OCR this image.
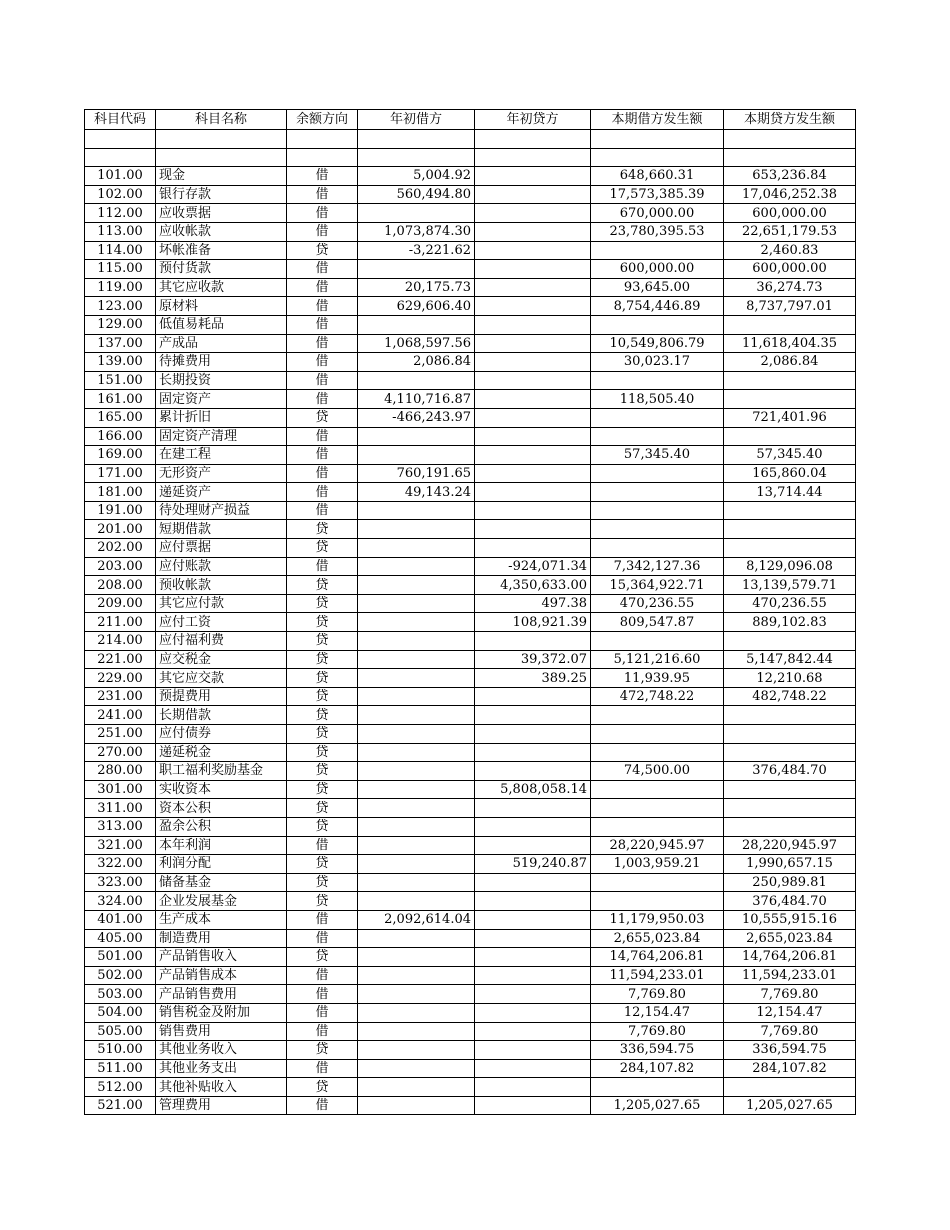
科目代码	科目名称	余额方向	年初借方	年初贷方	本期借方发生额	本期贷方发生额

101.00	现金	借	5,004.92		648,660.31	653,236.84
102.00	银行存款	借	560,494.80		17,573,385.39	17,046,252.38
112.00	应收票据	借			670,000.00	600,000.00
113.00	应收帐款	借	1,073,874.30		23,780,395.53	22,651,179.53
114.00	坏帐准备	贷	-3,221.62			2,460.83
115.00	预付货款	借			600,000.00	600,000.00
119.00	其它应收款	借	20,175.73		93,645.00	36,274.73
123.00	原材料	借	629,606.40		8,754,446.89	8,737,797.01
129.00	低值易耗品	借				
137.00	产成品	借	1,068,597.56		10,549,806.79	11,618,404.35
139.00	待摊费用	借	2,086.84		30,023.17	2,086.84
151.00	长期投资	借				
161.00	固定资产	借	4,110,716.87		118,505.40	
165.00	累计折旧	贷	-466,243.97			721,401.96
166.00	固定资产清理	借				
169.00	在建工程	借			57,345.40	57,345.40
171.00	无形资产	借	760,191.65			165,860.04
181.00	递延资产	借	49,143.24			13,714.44
191.00	待处理财产损益	借				
201.00	短期借款	贷				
202.00	应付票据	贷				
203.00	应付账款	借		-924,071.34	7,342,127.36	8,129,096.08
208.00	预收帐款	贷		4,350,633.00	15,364,922.71	13,139,579.71
209.00	其它应付款	贷		497.38	470,236.55	470,236.55
211.00	应付工资	贷		108,921.39	809,547.87	889,102.83
214.00	应付福利费	贷				
221.00	应交税金	贷		39,372.07	5,121,216.60	5,147,842.44
229.00	其它应交款	贷		389.25	11,939.95	12,210.68
231.00	预提费用	贷			472,748.22	482,748.22
241.00	长期借款	贷				
251.00	应付债券	贷				
270.00	递延税金	贷				
280.00	职工福利奖励基金	贷			74,500.00	376,484.70
301.00	实收资本	贷		5,808,058.14		
311.00	资本公积	贷				
313.00	盈余公积	贷				
321.00	本年利润	借			28,220,945.97	28,220,945.97
322.00	利润分配	贷		519,240.87	1,003,959.21	1,990,657.15
323.00	储备基金	贷				250,989.81
324.00	企业发展基金	贷				376,484.70
401.00	生产成本	借	2,092,614.04		11,179,950.03	10,555,915.16
405.00	制造费用	借			2,655,023.84	2,655,023.84
501.00	产品销售收入	贷			14,764,206.81	14,764,206.81
502.00	产品销售成本	借			11,594,233.01	11,594,233.01
503.00	产品销售费用	借			7,769.80	7,769.80
504.00	销售税金及附加	借			12,154.47	12,154.47
505.00	销售费用	借			7,769.80	7,769.80
510.00	其他业务收入	贷			336,594.75	336,594.75
511.00	其他业务支出	借			284,107.82	284,107.82
512.00	其他补贴收入	贷				
521.00	管理费用	借			1,205,027.65	1,205,027.65
